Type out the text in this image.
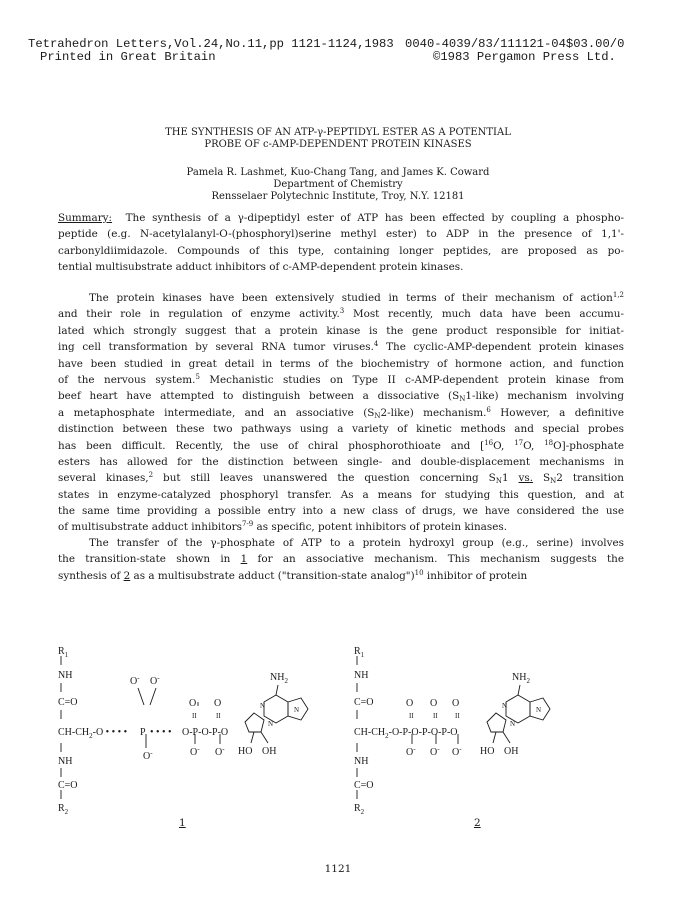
Tetrahedron Letters,Vol.24,No.11,pp 1121-1124,1983
Printed in Great Britain
0040-4039/83/111121-04$03.00/0
©1983 Pergamon Press Ltd.
THE SYNTHESIS OF AN ATP-γ-PEPTIDYL ESTER AS A POTENTIAL
PROBE OF c-AMP-DEPENDENT PROTEIN KINASES
Pamela R. Lashmet, Kuo-Chang Tang, and James K. Coward
Department of Chemistry
Rensselaer Polytechnic Institute, Troy, N.Y. 12181
Summary: The synthesis of a γ-dipeptidyl ester of ATP has been effected by coupling a phospho-
peptide (e.g. N-acetylalanyl-O-(phosphoryl)serine methyl ester) to ADP in the presence of 1,1'-
carbonyldiimidazole. Compounds of this type, containing longer peptides, are proposed as po-
tential multisubstrate adduct inhibitors of c-AMP-dependent protein kinases.
The protein kinases have been extensively studied in terms of their mechanism of action$^{1,2}$
and their role in regulation of enzyme activity.$^3$ Most recently, much data have been accumu-
lated which strongly suggest that a protein kinase is the gene product responsible for initiat-
ing cell transformation by several RNA tumor viruses.$^4$ The cyclic-AMP-dependent protein kinases
have been studied in great detail in terms of the biochemistry of hormone action, and function
of the nervous system.$^5$ Mechanistic studies on Type II c-AMP-dependent protein kinase from
beef heart have attempted to distinguish between a dissociative $(S_N1-like)$ mechanism involving
a metaphosphate intermediate, and an associative $(S_N2-like)$ mechanism.$^6$ However, a definitive
distinction between these two pathways using a variety of kinetic methods and special probes
has been difficult. Recently, the use of chiral phosphorothioate and [$^{16}$O, $^{17}$O, $^{18}$O]-phosphate
esters has allowed for the distinction between single- and double-displacement mechanisms in
several kinases,$^2$ but still leaves unanswered the question concerning $S_N1$ vs. $S_N2$ transition
states in enzyme-catalyzed phosphoryl transfer. As a means for studying this question, and at
the same time providing a possible entry into a new class of drugs, we have considered the use
of multisubstrate adduct inhibitors$^{7-9}$ as specific, potent inhibitors of protein kinases.
The transfer of the γ-phosphate of ATP to a protein hydroxyl group (e.g., serine) involves
the transition-state shown in 1 for an associative mechanism. This mechanism suggests the
synthesis of 2 as a multisubstrate adduct ("transition-state analog")$^{10}$ inhibitor of protein
$R_1$
NH
C=O
$CH-CH_2-O$ • • • • P • • • • O-P-O-P-O
O- O-
O-
O O
II	II
O- O-
$NH_2$
N	N
N
HO OH
NH
C=O
$R_2$
1
$R_1$
NH
C=O
$CH-CH_2-O-P-O-P-O-P-O$
O O O
II	II II
O- O- O-
$NH_2$
N	N
N
HO OH
NH
C=O
$R_2$
2
1121
